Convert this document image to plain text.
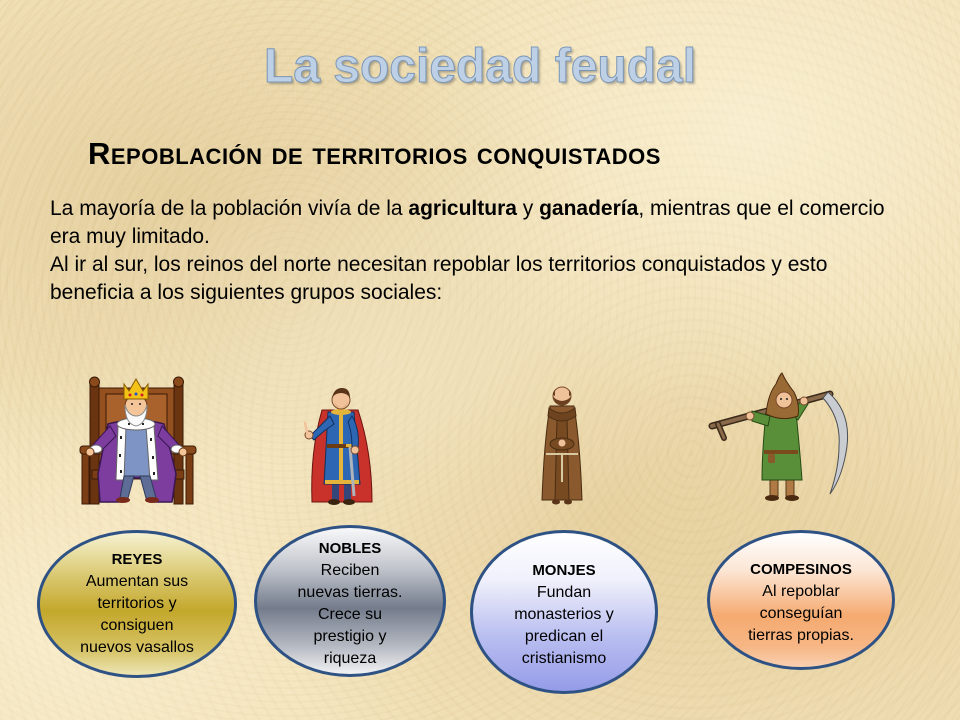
La sociedad feudal
Repoblación de territorios conquistados

La mayoría de la población vivía de la agricultura y ganadería, mientras que el comercio era muy limitado.

Al ir al sur, los reinos del norte necesitan repoblar los territorios conquistados y esto beneficia a los siguientes grupos sociales:

REYES
Aumentan sus
territorios y
consiguen
nuevos vasallos
NOBLES
Reciben
nuevas tierras.
Crece su
prestigio y
riqueza
MONJES
Fundan
monasterios y
predican el
cristianismo
COMPESINOS
Al repoblar
conseguían
tierras propias.
